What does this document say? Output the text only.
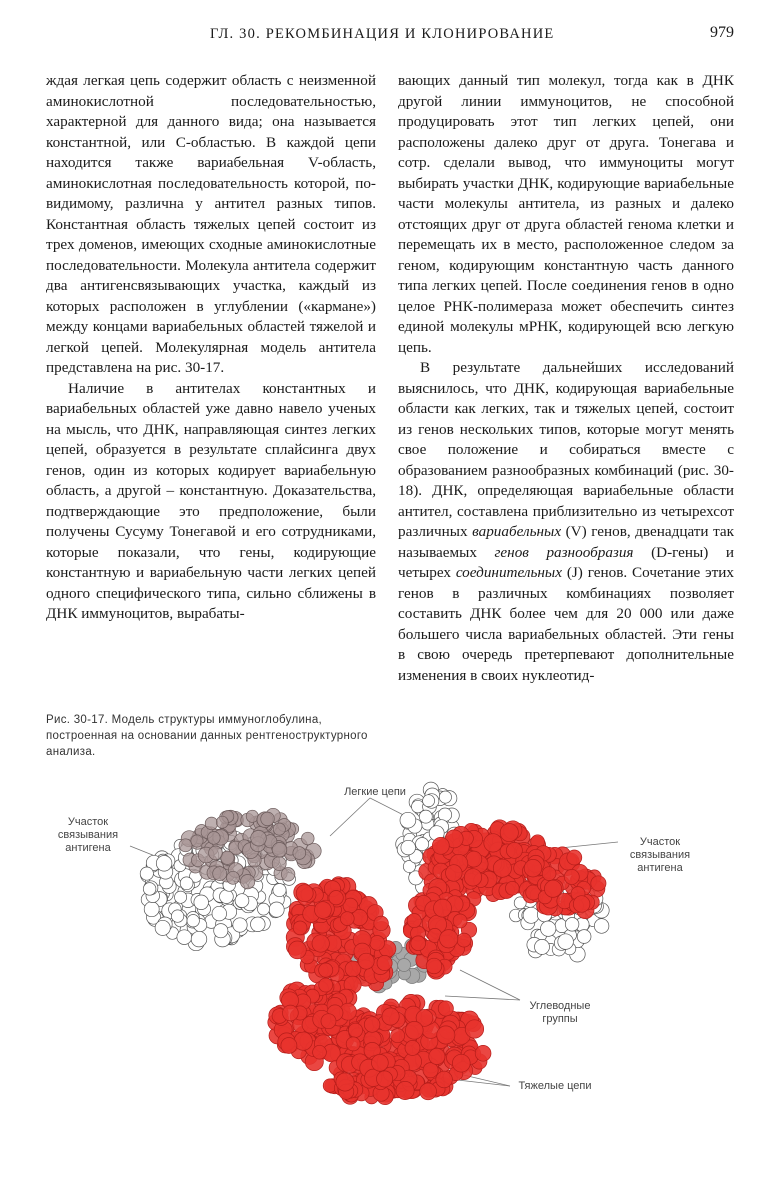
ГЛ. 30. РЕКОМБИНАЦИЯ И КЛОНИРОВАНИЕ	979

ждая легкая цепь содержит область с неизменной аминокислотной последовательностью, характерной для данного вида; она называется константной, или С-областью. В каждой цепи находится также вариабельная V-область, аминокислотная последовательность которой, по-видимому, различна у антител разных типов. Константная область тяжелых цепей состоит из трех доменов, имеющих сходные аминокислотные последовательности. Молекула антитела содержит два антигенсвязывающих участка, каждый из которых расположен в углублении («кармане») между концами вариабельных областей тяжелой и легкой цепей. Молекулярная модель антитела представлена на рис. 30-17.

Наличие в антителах константных и вариабельных областей уже давно навело ученых на мысль, что ДНК, направляющая синтез легких цепей, образуется в результате сплайсинга двух генов, один из которых кодирует вариабельную область, а другой – константную. Доказательства, подтверждающие это предположение, были получены Сусуму Тонегавой и его сотрудниками, которые показали, что гены, кодирующие константную и вариабельную части легких цепей одного специфического типа, сильно сближены в ДНК иммуноцитов, вырабаты-

вающих данный тип молекул, тогда как в ДНК другой линии иммуноцитов, не способной продуцировать этот тип легких цепей, они расположены далеко друг от друга. Тонегава и сотр. сделали вывод, что иммуноциты могут выбирать участки ДНК, кодирующие вариабельные части молекулы антитела, из разных и далеко отстоящих друг от друга областей генома клетки и перемещать их в место, расположенное следом за геном, кодирующим константную часть данного типа легких цепей. После соединения генов в одно целое РНК-полимераза может обеспечить синтез единой молекулы мРНК, кодирующей всю легкую цепь.

В результате дальнейших исследований выяснилось, что ДНК, кодирующая вариабельные области как легких, так и тяжелых цепей, состоит из генов нескольких типов, которые могут менять свое положение и собираться вместе с образованием разнообразных комбинаций (рис. 30-18). ДНК, определяющая вариабельные области антител, составлена приблизительно из четырехсот различных вариабельных (V) генов, двенадцати так называемых генов разнообразия (D-гены) и четырех соединительных (J) генов. Сочетание этих генов в различных комбинациях позволяет составить ДНК более чем для 20 000 или даже большего числа вариабельных областей. Эти гены в свою очередь претерпевают дополнительные изменения в своих нуклеотид-

Рис. 30-17. Модель структуры иммуноглобулина, построенная на основании данных рентгеноструктурного анализа.
Участок связывания антигена
Легкие цепи
Участок связывания антигена
Углеводные группы
Тяжелые цепи
